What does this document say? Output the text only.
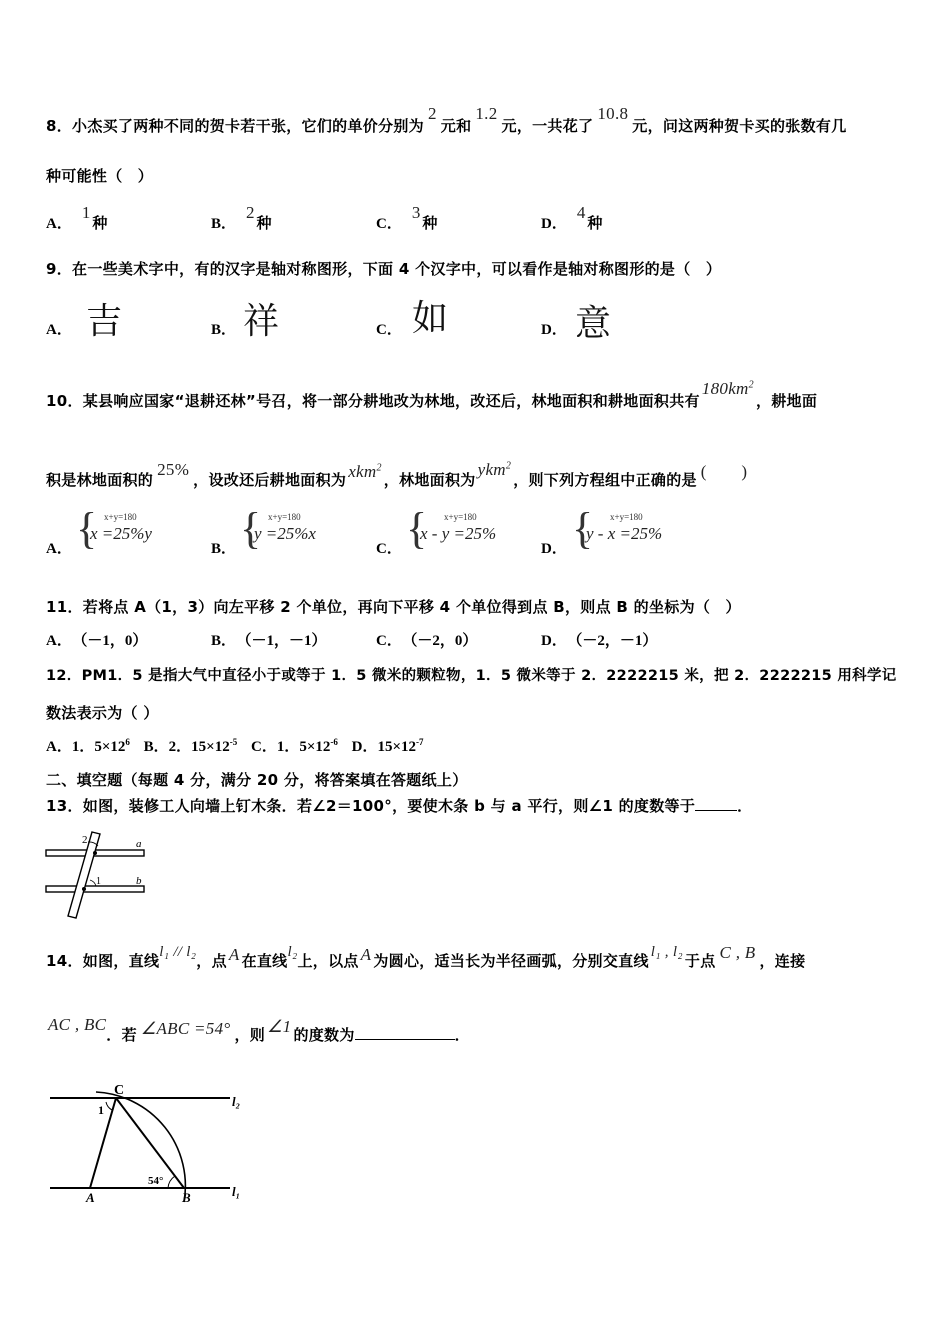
8．小杰买了两种不同的贺卡若干张，它们的单价分别为2元和1.2元，一共花了10.8元，问这两种贺卡买的张数有几
种可能性（　）
A．1种	B．2种	C．3种	D．4种
9．在一些美术字中，有的汉字是轴对称图形，下面 4 个汉字中，可以看作是轴对称图形的是（　）
A． 吉	B． 祥	C． 如	D． 意
10．某县响应国家“退耕还林”号召，将一部分耕地改为林地，改还后，林地面积和耕地面积共有$180km^2$，耕地面
积是林地面积的25%，设改还后耕地面积为 xkm$^2$，林地面积为ykm$^2$，则下列方程组中正确的是 (　　)
A． { x+y=180
x =25%y
B． { x+y=180
y =25%x
C． { x+y=180
x - y =25%
D． { x+y=180
y - x =25%
11．若将点 A（1，3）向左平移 2 个单位，再向下平移 4 个单位得到点 B，则点 B 的坐标为（　）
A． （－1，0）	B． （－1，－1）	C． （－2，0）	D． （－2，－1）
12．PM1．5 是指大气中直径小于或等于 1．5 微米的颗粒物，1．5 微米等于 2．2222215 米，把 2．2222215 用科学记
数法表示为（ ）
A．1．$5\times 12^6$ B．2．$15\times 12^{-5}$ C．1．$5\times 12^{-6}$ D．$15\times 12^{-7}$
二、填空题（每题 4 分，满分 20 分，将答案填在答题纸上）
13．如图，装修工人向墙上钉木条．若∠2＝100°，要使木条 b 与 a 平行，则∠1 的度数等于	．
2
1
a
b
14．如图，直线l₁ // l₂，点 A 在直线l₂上，以点 A 为圆心，适当长为半径画弧，分别交直线 l₁ , l₂ 于点 C , B ，连接
AC , BC．若 ∠ABC =54° ，则 ∠1 的度数为	．
C
1
A	B
54°
l₂
l₁
